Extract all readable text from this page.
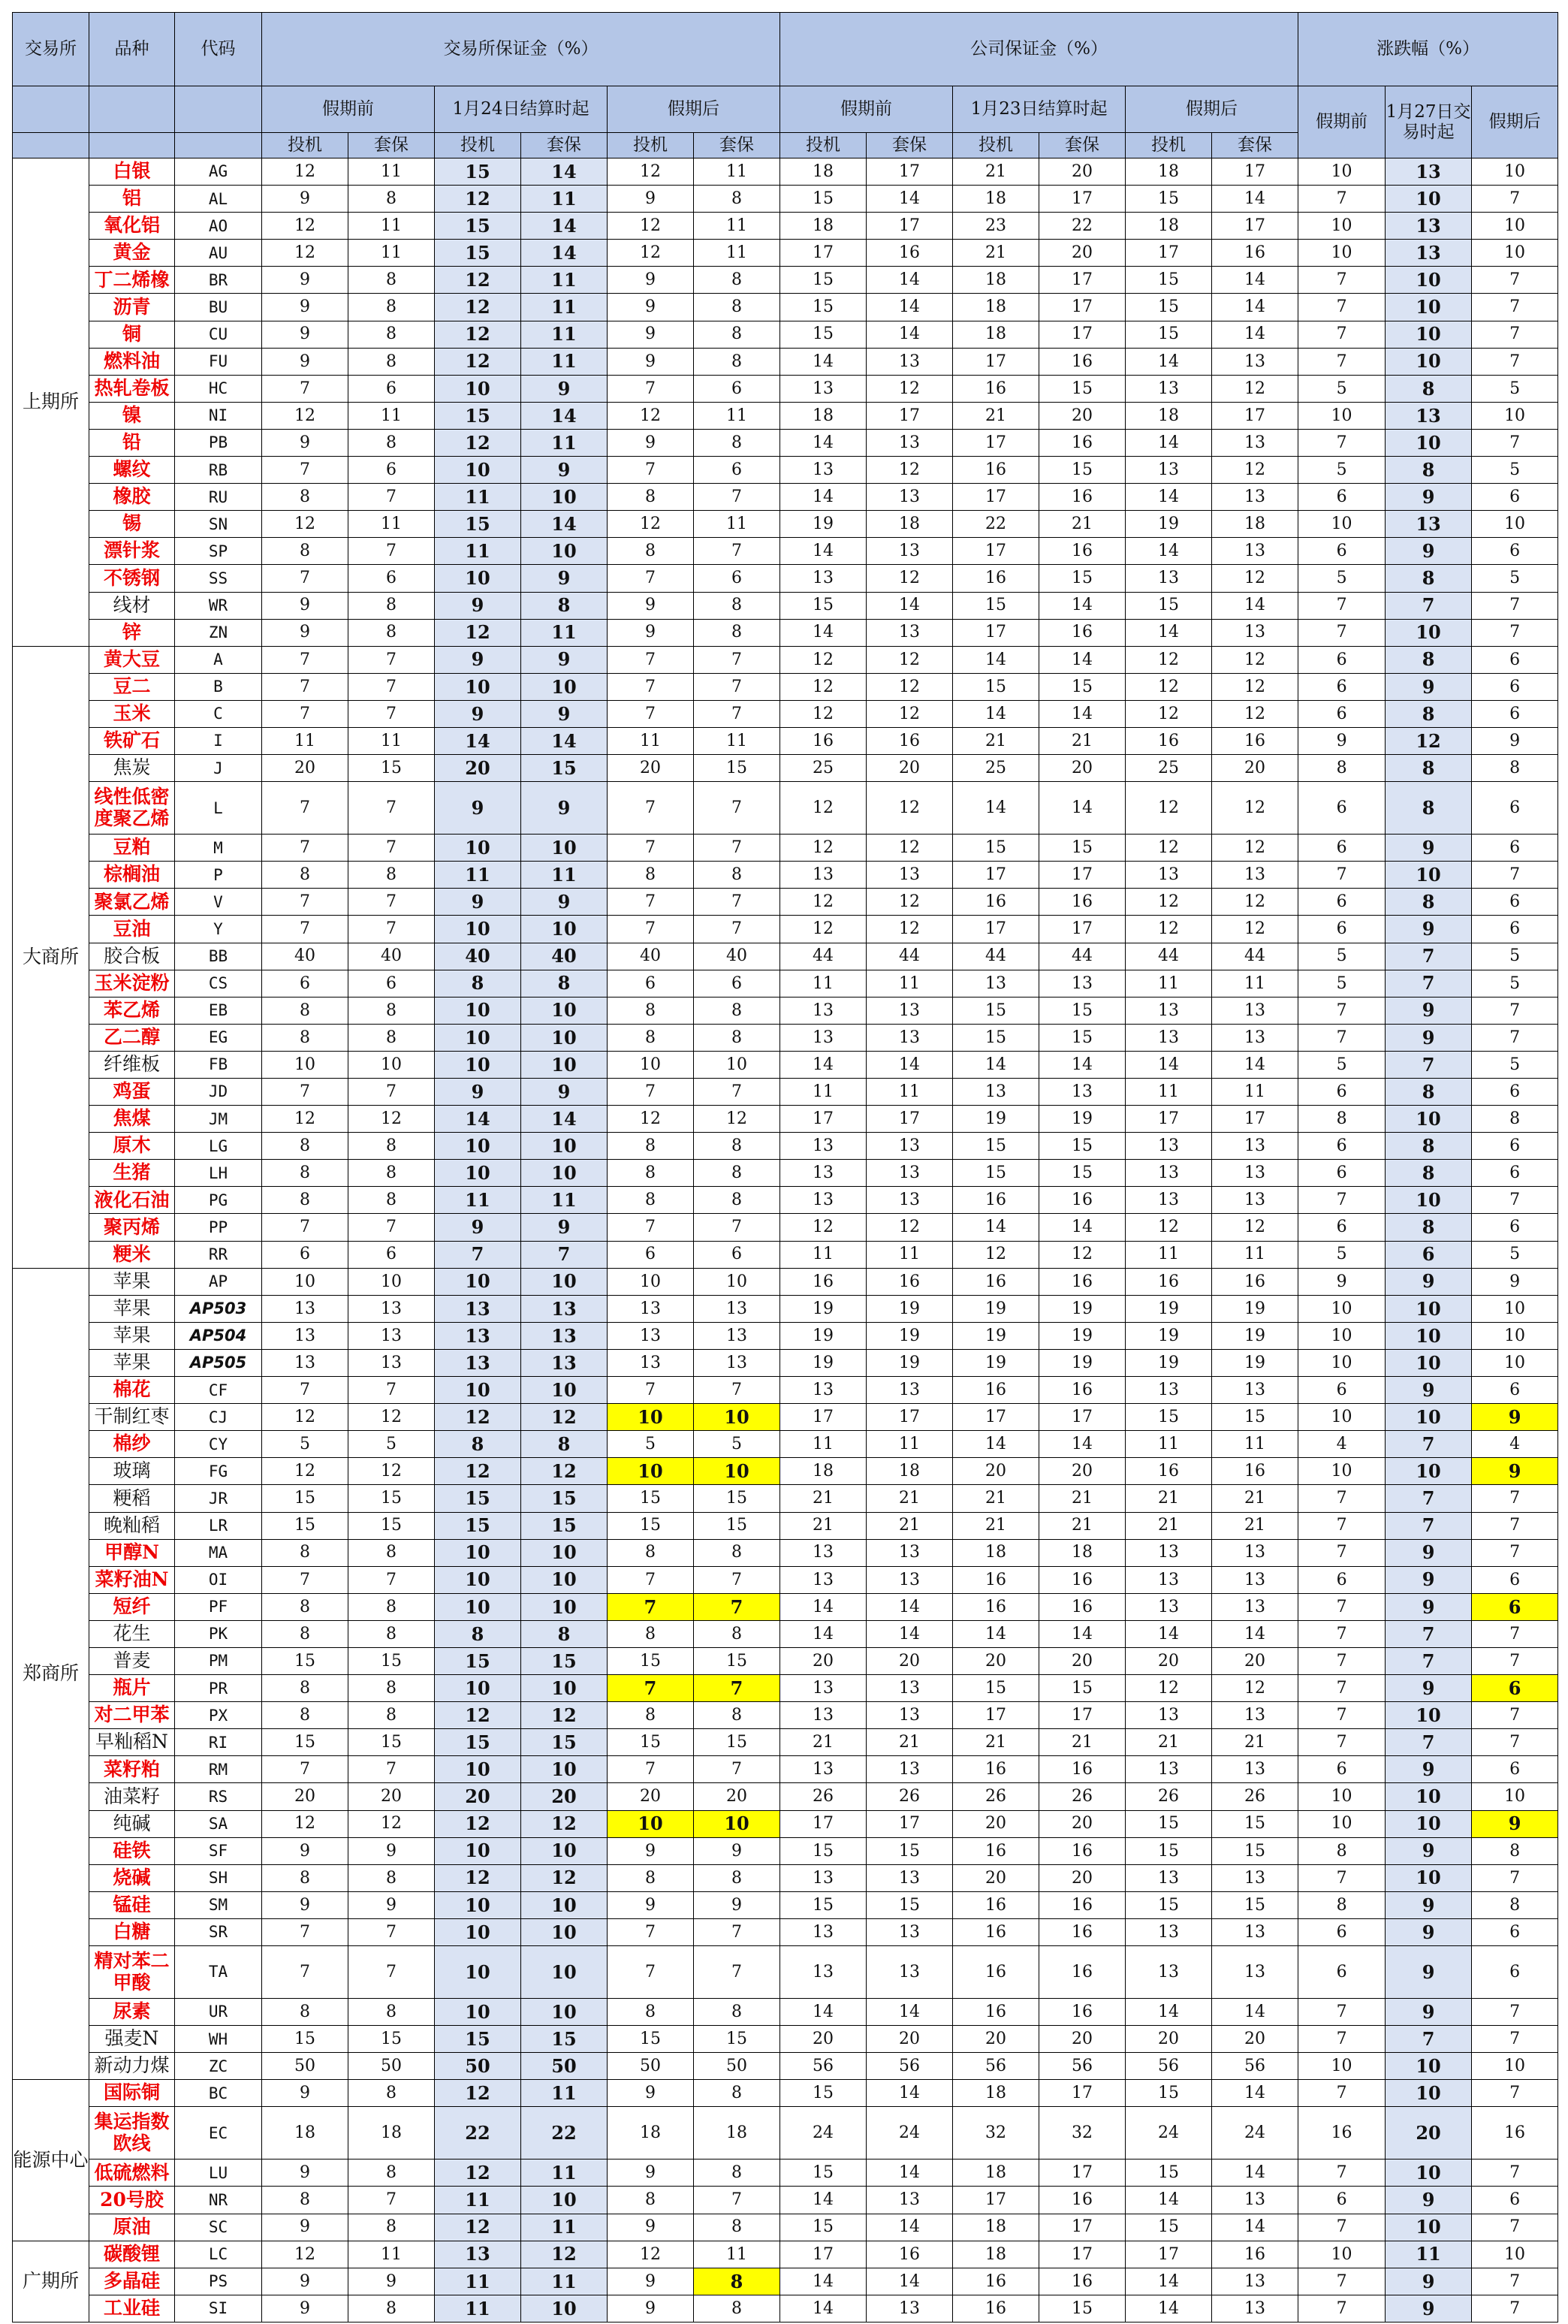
交易所	品种	代码	交易所保证金（%）						公司保证金（%）						涨跌幅（%）		
			假期前		1月24日结算时起		假期后		假期前		1月23日结算时起		假期后		假期前	1月27日交易时起	假期后
			投机	套保	投机	套保	投机	套保	投机	套保	投机	套保	投机	套保			
上期所	白银	AG	12	11	15	14	12	11	18	17	21	20	18	17	10	13	10
	铝	AL	9	8	12	11	9	8	15	14	18	17	15	14	7	10	7
	氧化铝	AO	12	11	15	14	12	11	18	17	23	22	18	17	10	13	10
	黄金	AU	12	11	15	14	12	11	17	16	21	20	17	16	10	13	10
	丁二烯橡	BR	9	8	12	11	9	8	15	14	18	17	15	14	7	10	7
	沥青	BU	9	8	12	11	9	8	15	14	18	17	15	14	7	10	7
	铜	CU	9	8	12	11	9	8	15	14	18	17	15	14	7	10	7
	燃料油	FU	9	8	12	11	9	8	14	13	17	16	14	13	7	10	7
	热轧卷板	HC	7	6	10	9	7	6	13	12	16	15	13	12	5	8	5
	镍	NI	12	11	15	14	12	11	18	17	21	20	18	17	10	13	10
	铅	PB	9	8	12	11	9	8	14	13	17	16	14	13	7	10	7
	螺纹	RB	7	6	10	9	7	6	13	12	16	15	13	12	5	8	5
	橡胶	RU	8	7	11	10	8	7	14	13	17	16	14	13	6	9	6
	锡	SN	12	11	15	14	12	11	19	18	22	21	19	18	10	13	10
	漂针浆	SP	8	7	11	10	8	7	14	13	17	16	14	13	6	9	6
	不锈钢	SS	7	6	10	9	7	6	13	12	16	15	13	12	5	8	5
	线材	WR	9	8	9	8	9	8	15	14	15	14	15	14	7	7	7
	锌	ZN	9	8	12	11	9	8	14	13	17	16	14	13	7	10	7
大商所	黄大豆	A	7	7	9	9	7	7	12	12	14	14	12	12	6	8	6
	豆二	B	7	7	10	10	7	7	12	12	15	15	12	12	6	9	6
	玉米	C	7	7	9	9	7	7	12	12	14	14	12	12	6	8	6
	铁矿石	I	11	11	14	14	11	11	16	16	21	21	16	16	9	12	9
	焦炭	J	20	15	20	15	20	15	25	20	25	20	25	20	8	8	8
	线性低密度聚乙烯	L	7	7	9	9	7	7	12	12	14	14	12	12	6	8	6
	豆粕	M	7	7	10	10	7	7	12	12	15	15	12	12	6	9	6
	棕榈油	P	8	8	11	11	8	8	13	13	17	17	13	13	7	10	7
	聚氯乙烯	V	7	7	9	9	7	7	12	12	16	16	12	12	6	8	6
	豆油	Y	7	7	10	10	7	7	12	12	17	17	12	12	6	9	6
	胶合板	BB	40	40	40	40	40	40	44	44	44	44	44	44	5	7	5
	玉米淀粉	CS	6	6	8	8	6	6	11	11	13	13	11	11	5	7	5
	苯乙烯	EB	8	8	10	10	8	8	13	13	15	15	13	13	7	9	7
	乙二醇	EG	8	8	10	10	8	8	13	13	15	15	13	13	7	9	7
	纤维板	FB	10	10	10	10	10	10	14	14	14	14	14	14	5	7	5
	鸡蛋	JD	7	7	9	9	7	7	11	11	13	13	11	11	6	8	6
	焦煤	JM	12	12	14	14	12	12	17	17	19	19	17	17	8	10	8
	原木	LG	8	8	10	10	8	8	13	13	15	15	13	13	6	8	6
	生猪	LH	8	8	10	10	8	8	13	13	15	15	13	13	6	8	6
	液化石油	PG	8	8	11	11	8	8	13	13	16	16	13	13	7	10	7
	聚丙烯	PP	7	7	9	9	7	7	12	12	14	14	12	12	6	8	6
	粳米	RR	6	6	7	7	6	6	11	11	12	12	11	11	5	6	5
郑商所	苹果	AP	10	10	10	10	10	10	16	16	16	16	16	16	9	9	9
	苹果	AP503	13	13	13	13	13	13	19	19	19	19	19	19	10	10	10
	苹果	AP504	13	13	13	13	13	13	19	19	19	19	19	19	10	10	10
	苹果	AP505	13	13	13	13	13	13	19	19	19	19	19	19	10	10	10
	棉花	CF	7	7	10	10	7	7	13	13	16	16	13	13	6	9	6
	干制红枣	CJ	12	12	12	12	10	10	17	17	17	17	15	15	10	10	9
	棉纱	CY	5	5	8	8	5	5	11	11	14	14	11	11	4	7	4
	玻璃	FG	12	12	12	12	10	10	18	18	20	20	16	16	10	10	9
	粳稻	JR	15	15	15	15	15	15	21	21	21	21	21	21	7	7	7
	晚籼稻	LR	15	15	15	15	15	15	21	21	21	21	21	21	7	7	7
	甲醇N	MA	8	8	10	10	8	8	13	13	18	18	13	13	7	9	7
	菜籽油N	OI	7	7	10	10	7	7	13	13	16	16	13	13	6	9	6
	短纤	PF	8	8	10	10	7	7	14	14	16	16	13	13	7	9	6
	花生	PK	8	8	8	8	8	8	14	14	14	14	14	14	7	7	7
	普麦	PM	15	15	15	15	15	15	20	20	20	20	20	20	7	7	7
	瓶片	PR	8	8	10	10	7	7	13	13	15	15	12	12	7	9	6
	对二甲苯	PX	8	8	12	12	8	8	13	13	17	17	13	13	7	10	7
	早籼稻N	RI	15	15	15	15	15	15	21	21	21	21	21	21	7	7	7
	菜籽粕	RM	7	7	10	10	7	7	13	13	16	16	13	13	6	9	6
	油菜籽	RS	20	20	20	20	20	20	26	26	26	26	26	26	10	10	10
	纯碱	SA	12	12	12	12	10	10	17	17	20	20	15	15	10	10	9
	硅铁	SF	9	9	10	10	9	9	15	15	16	16	15	15	8	9	8
	烧碱	SH	8	8	12	12	8	8	13	13	20	20	13	13	7	10	7
	锰硅	SM	9	9	10	10	9	9	15	15	16	16	15	15	8	9	8
	白糖	SR	7	7	10	10	7	7	13	13	16	16	13	13	6	9	6
	精对苯二甲酸	TA	7	7	10	10	7	7	13	13	16	16	13	13	6	9	6
	尿素	UR	8	8	10	10	8	8	14	14	16	16	14	14	7	9	7
	强麦N	WH	15	15	15	15	15	15	20	20	20	20	20	20	7	7	7
	新动力煤	ZC	50	50	50	50	50	50	56	56	56	56	56	56	10	10	10
能源中心	国际铜	BC	9	8	12	11	9	8	15	14	18	17	15	14	7	10	7
	集运指数欧线	EC	18	18	22	22	18	18	24	24	32	32	24	24	16	20	16
	低硫燃料	LU	9	8	12	11	9	8	15	14	18	17	15	14	7	10	7
	20号胶	NR	8	7	11	10	8	7	14	13	17	16	14	13	6	9	6
	原油	SC	9	8	12	11	9	8	15	14	18	17	15	14	7	10	7
广期所	碳酸锂	LC	12	11	13	12	12	11	17	16	18	17	17	16	10	11	10
	多晶硅	PS	9	9	11	11	9	8	14	14	16	16	14	13	7	9	7
	工业硅	SI	9	8	11	10	9	8	14	13	16	15	14	13	7	9	7
